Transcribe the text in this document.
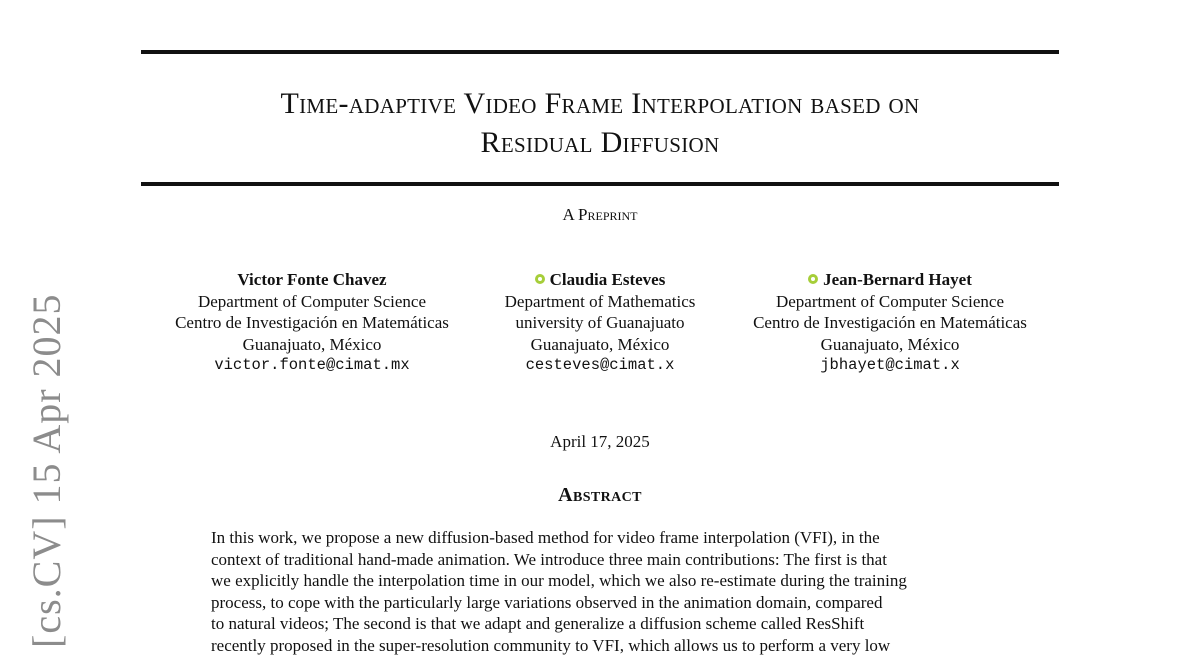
Time-adaptive Video Frame Interpolation based on
Residual Diffusion
A Preprint
Victor Fonte Chavez
Department of Computer Science
Centro de Investigación en Matemáticas
Guanajuato, México
victor.fonte@cimat.mx
Claudia Esteves
Department of Mathematics
university of Guanajuato
Guanajuato, México
cesteves@cimat.x
Jean-Bernard Hayet
Department of Computer Science
Centro de Investigación en Matemáticas
Guanajuato, México
jbhayet@cimat.x
April 17, 2025
Abstract
In this work, we propose a new diffusion-based method for video frame interpolation (VFI), in the
context of traditional hand-made animation. We introduce three main contributions: The first is that
we explicitly handle the interpolation time in our model, which we also re-estimate during the training
process, to cope with the particularly large variations observed in the animation domain, compared
to natural videos; The second is that we adapt and generalize a diffusion scheme called ResShift
recently proposed in the super-resolution community to VFI, which allows us to perform a very low
[cs.CV] 15 Apr 2025
